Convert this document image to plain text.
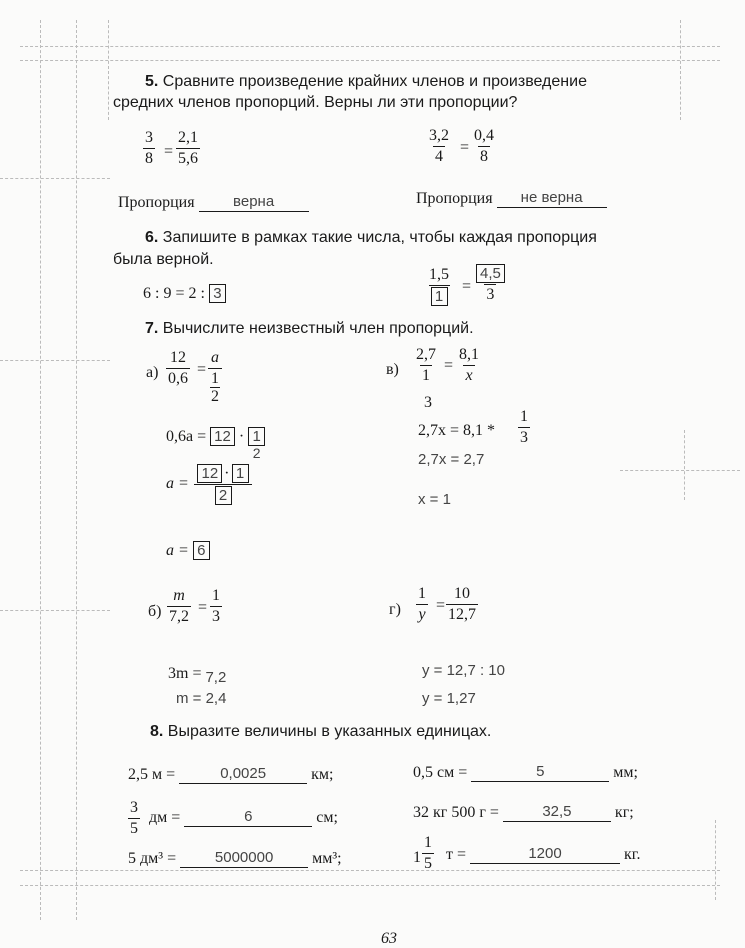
5. Сравните произведение крайних членов и произведение
средних членов пропорций. Верны ли эти пропорции?
$\frac{3}{8} = \frac{2,1}{5,6}$	$\frac{3,2}{4} = \frac{0,4}{8}$
Пропорция	верна	Пропорция не верна
6. Запишите в рамках такие числа, чтобы каждая пропорция
была верной.
6 : 9 = 2 : 3	$\frac{1,5}{1} = \frac{4,5}{3}$
7. Вычислите неизвестный член пропорций.
$а) \frac{12}{0,6} = a$
1
2
$0,6a = 12 \cdot \frac{1}{2}$
$a = \frac{12 \cdot 1}{2}$
a = 6
$в) \frac{2,7}{1} = \frac{8,1}{x}$
3
$2,7x = 8,1 * \frac{1}{3}$
2,7x = 2,7
x = 1
$б) \frac{m}{7,2} = \frac{1}{3}$
3m = 7,2
m = 2,4
$г) \frac{1}{y} = \frac{10}{12,7}$
y = 12,7 : 10
y = 1,27
8. Выразите величины в указанных единицах.
2,5 м =	0,0025	км;	0,5 см =	5	мм;
$\frac{3}{5}$ дм =	6	см;	32 кг 500 г =	32,5	кг;
5 дм³ =	5000000 мм³;	$1 \frac{1}{5}$ т =	1200	кг.
63
